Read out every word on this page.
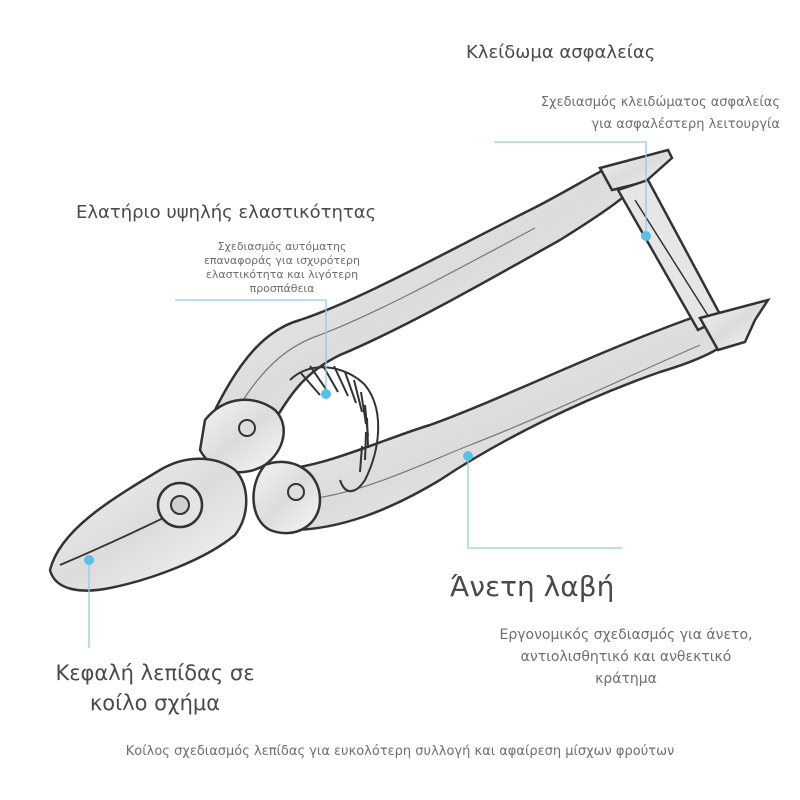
Κλείδωμα ασφαλείας
Σχεδιασμός κλειδώματος ασφαλείας
για ασφαλέστερη λειτουργία
Ελατήριο υψηλής ελαστικότητας
Σχεδιασμός αυτόματης
επαναφοράς για ισχυρότερη
ελαστικότητα και λιγότερη
προσπάθεια
Άνετη λαβή
Εργονομικός σχεδιασμός για άνετο,
αντιολισθητικό και ανθεκτικό
κράτημα
Κεφαλή λεπίδας σε
κοίλο σχήμα
Κοίλος σχεδιασμός λεπίδας για ευκολότερη συλλογή και αφαίρεση μίσχων φρούτων
